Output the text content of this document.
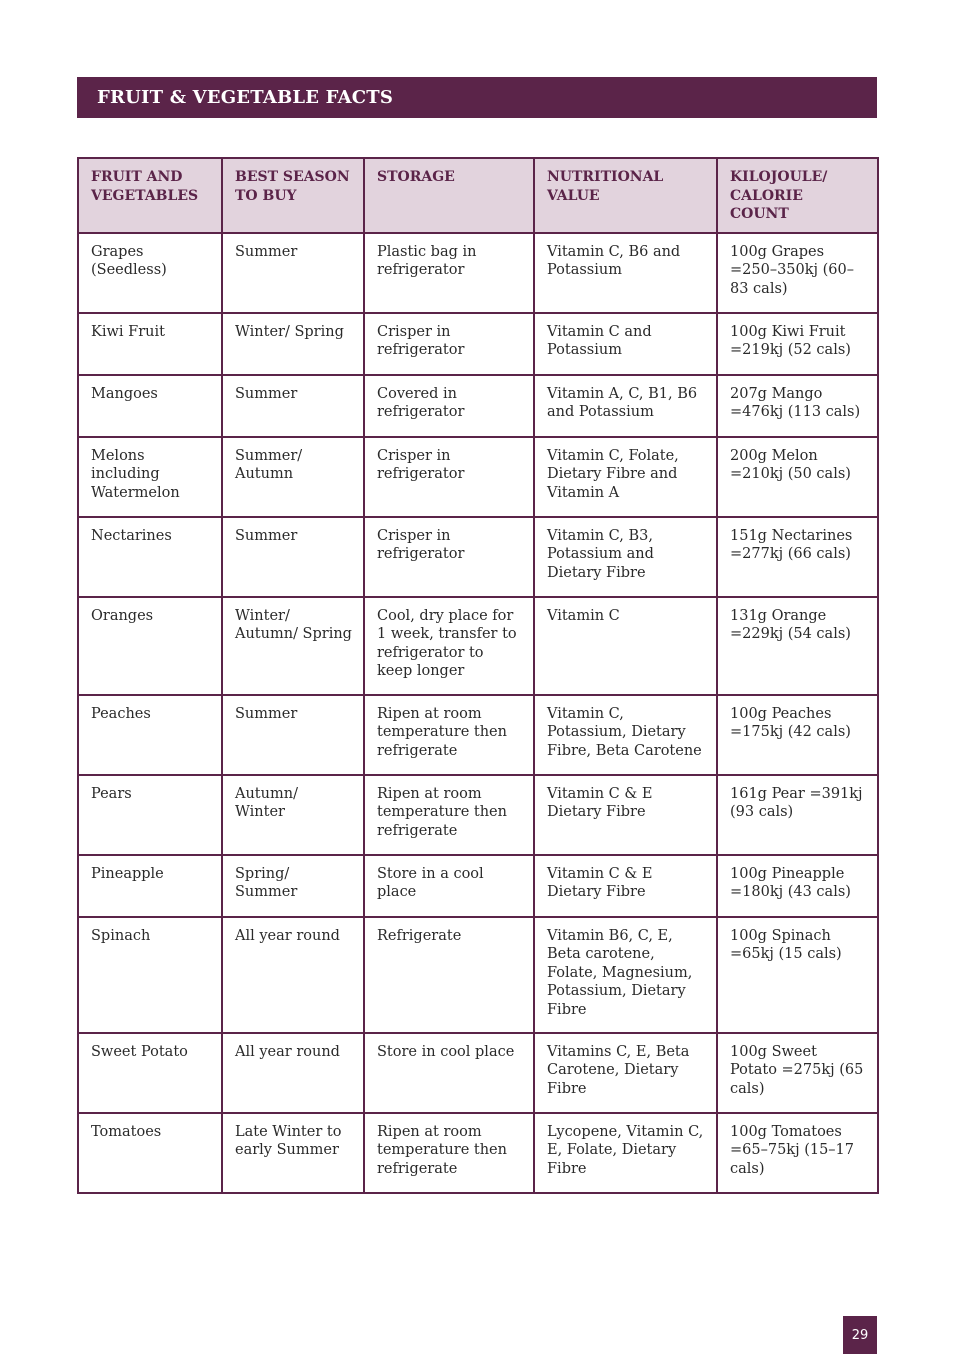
FRUIT & VEGETABLE FACTS
FRUIT AND VEGETABLES	BEST SEASON TO BUY	STORAGE	NUTRITIONAL VALUE	KILOJOULE/ CALORIE COUNT
Grapes (Seedless)	Summer	Plastic bag in refrigerator	Vitamin C, B6 and Potassium	100g Grapes =250–350kj (60–83 cals)
Kiwi Fruit	Winter/ Spring	Crisper in refrigerator	Vitamin C and Potassium	100g Kiwi Fruit =219kj (52 cals)
Mangoes	Summer	Covered in refrigerator	Vitamin A, C, B1, B6 and Potassium	207g Mango =476kj (113 cals)
Melons including Watermelon	Summer/ Autumn	Crisper in refrigerator	Vitamin C, Folate, Dietary Fibre and Vitamin A	200g Melon =210kj (50 cals)
Nectarines	Summer	Crisper in refrigerator	Vitamin C, B3, Potassium and Dietary Fibre	151g Nectarines =277kj (66 cals)
Oranges	Winter/ Autumn/ Spring	Cool, dry place for 1 week, transfer to refrigerator to keep longer	Vitamin C	131g Orange =229kj (54 cals)
Peaches	Summer	Ripen at room temperature then refrigerate	Vitamin C, Potassium, Dietary Fibre, Beta Carotene	100g Peaches =175kj (42 cals)
Pears	Autumn/ Winter	Ripen at room temperature then refrigerate	Vitamin C & E Dietary Fibre	161g Pear =391kj (93 cals)
Pineapple	Spring/ Summer	Store in a cool place	Vitamin C & E Dietary Fibre	100g Pineapple =180kj (43 cals)
Spinach	All year round	Refrigerate	Vitamin B6, C, E, Beta carotene, Folate, Magnesium, Potassium, Dietary Fibre	100g Spinach =65kj (15 cals)
Sweet Potato	All year round	Store in cool place	Vitamins C, E, Beta Carotene, Dietary Fibre	100g Sweet Potato =275kj (65 cals)
Tomatoes	Late Winter to early Summer	Ripen at room temperature then refrigerate	Lycopene, Vitamin C, E, Folate, Dietary Fibre	100g Tomatoes =65–75kj (15–17 cals)
29
